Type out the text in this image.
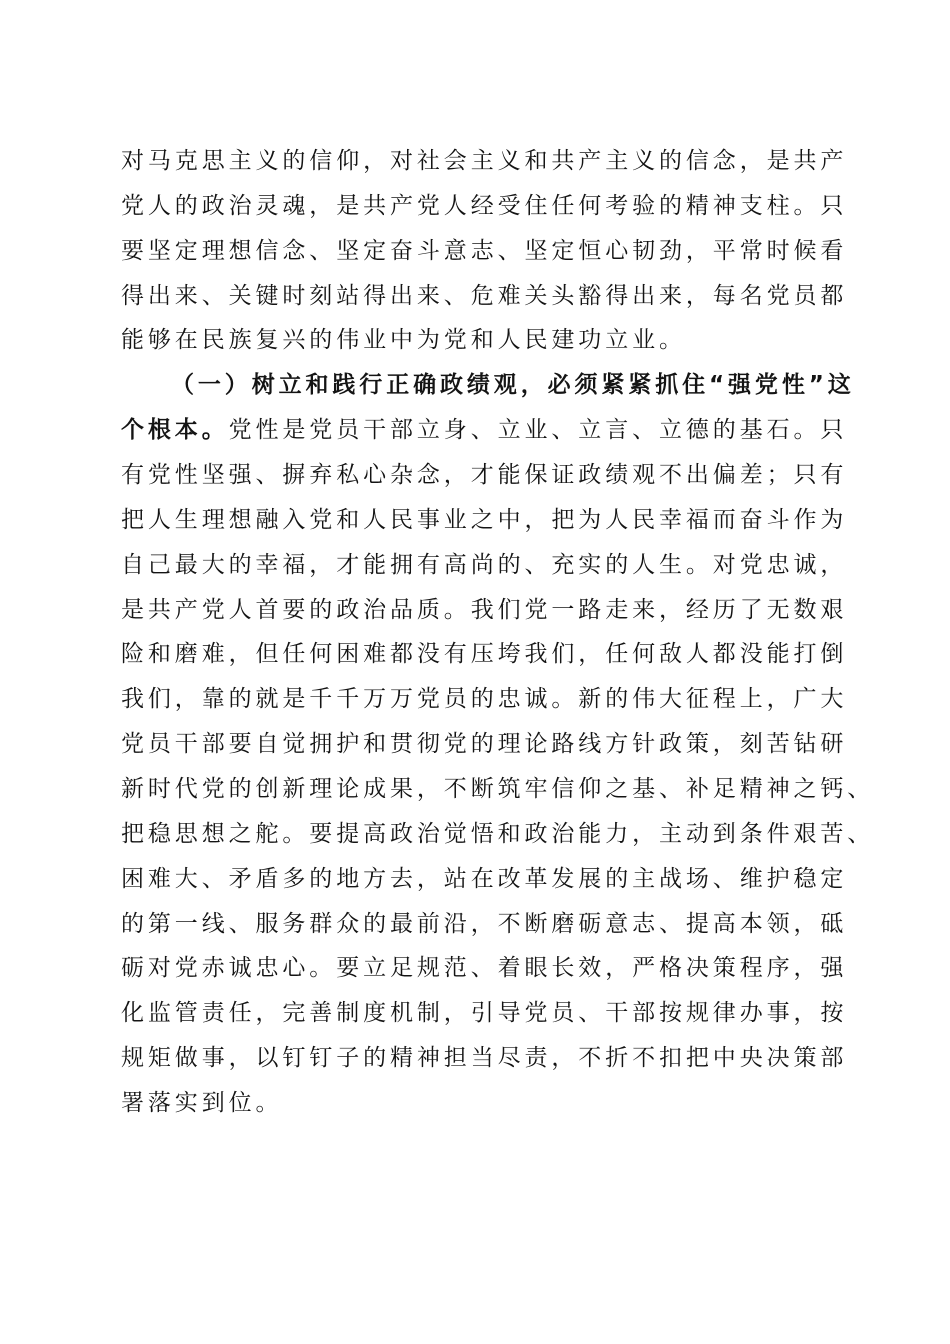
对马克思主义的信仰，对社会主义和共产主义的信念，是共产
党人的政治灵魂，是共产党人经受住任何考验的精神支柱。只
要坚定理想信念、坚定奋斗意志、坚定恒心韧劲，平常时候看
得出来、关键时刻站得出来、危难关头豁得出来，每名党员都
能够在民族复兴的伟业中为党和人民建功立业。
（一）树立和践行正确政绩观，必须紧紧抓住“强党性”这
个根本。党性是党员干部立身、立业、立言、立德的基石。只
有党性坚强、摒弃私心杂念，才能保证政绩观不出偏差；只有
把人生理想融入党和人民事业之中，把为人民幸福而奋斗作为
自己最大的幸福，才能拥有高尚的、充实的人生。对党忠诚，
是共产党人首要的政治品质。我们党一路走来，经历了无数艰
险和磨难，但任何困难都没有压垮我们，任何敌人都没能打倒
我们，靠的就是千千万万党员的忠诚。新的伟大征程上，广大
党员干部要自觉拥护和贯彻党的理论路线方针政策，刻苦钻研
新时代党的创新理论成果，不断筑牢信仰之基、补足精神之钙、
把稳思想之舵。要提高政治觉悟和政治能力，主动到条件艰苦、
困难大、矛盾多的地方去，站在改革发展的主战场、维护稳定
的第一线、服务群众的最前沿，不断磨砺意志、提高本领，砥
砺对党赤诚忠心。要立足规范、着眼长效，严格决策程序，强
化监管责任，完善制度机制，引导党员、干部按规律办事，按
规矩做事，以钉钉子的精神担当尽责，不折不扣把中央决策部
署落实到位。
